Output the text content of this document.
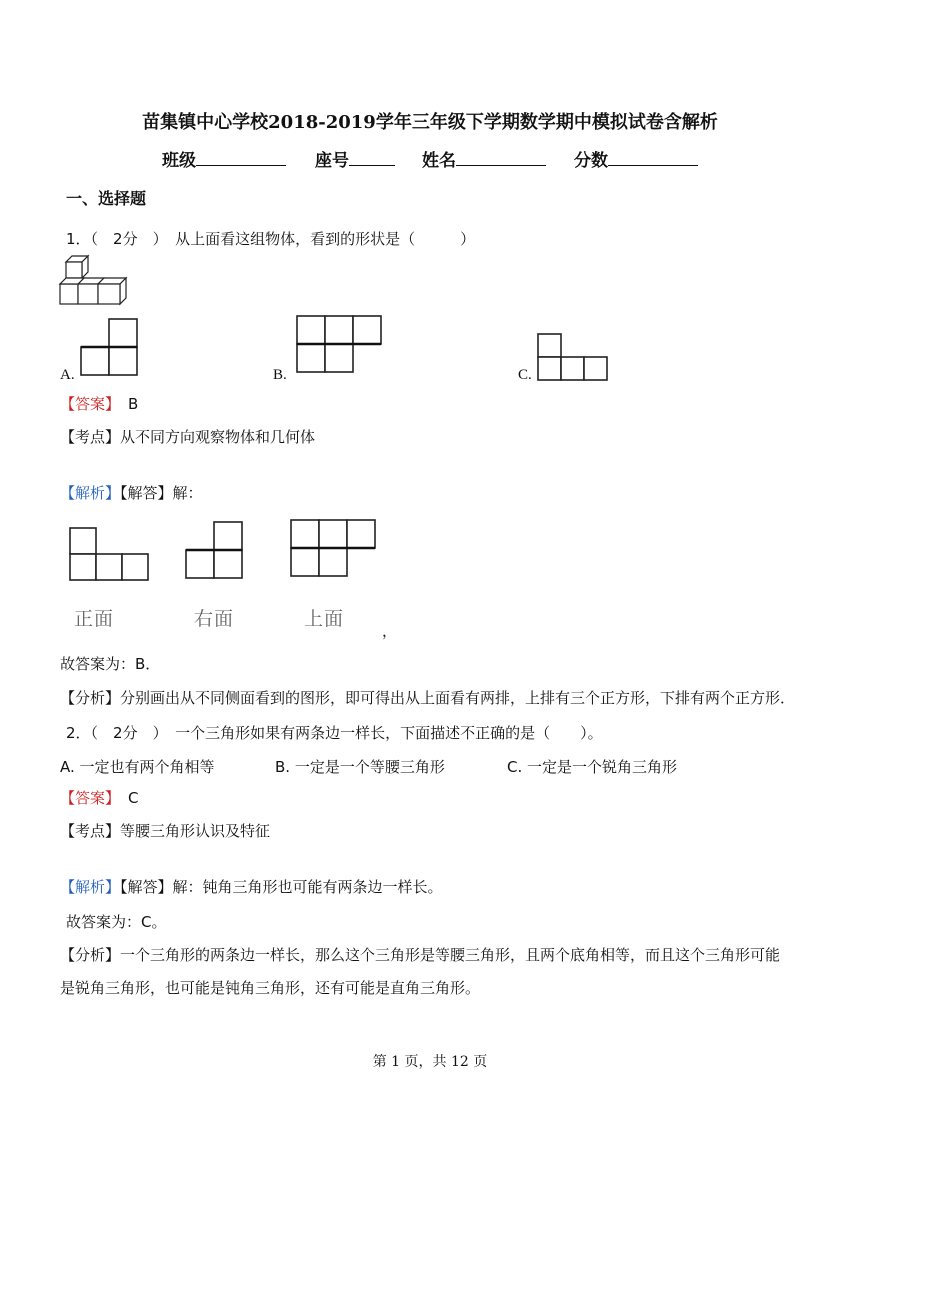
苗集镇中心学校2018-2019学年三年级下学期数学期中模拟试卷含解析
班级	座号	姓名	分数
一、选择题
1．（　2分　）　从上面看这组物体，看到的形状是（　　　）
A.	B.	C.
【答案】 B
【考点】从不同方向观察物体和几何体
【解析】【解答】解：
正面	右面	上面
，
故答案为：B．
【分析】分别画出从不同侧面看到的图形，即可得出从上面看有两排，上排有三个正方形，下排有两个正方形．
2．（　2分　）　一个三角形如果有两条边一样长，下面描述不正确的是（　　）。
A. 一定也有两个角相等	B. 一定是一个等腰三角形	C. 一定是一个锐角三角形
【答案】 C
【考点】等腰三角形认识及特征
【解析】【解答】解：钝角三角形也可能有两条边一样长。
故答案为：C。
【分析】一个三角形的两条边一样长，那么这个三角形是等腰三角形，且两个底角相等，而且这个三角形可能
是锐角三角形，也可能是钝角三角形，还有可能是直角三角形。
第 1 页，共 12 页
